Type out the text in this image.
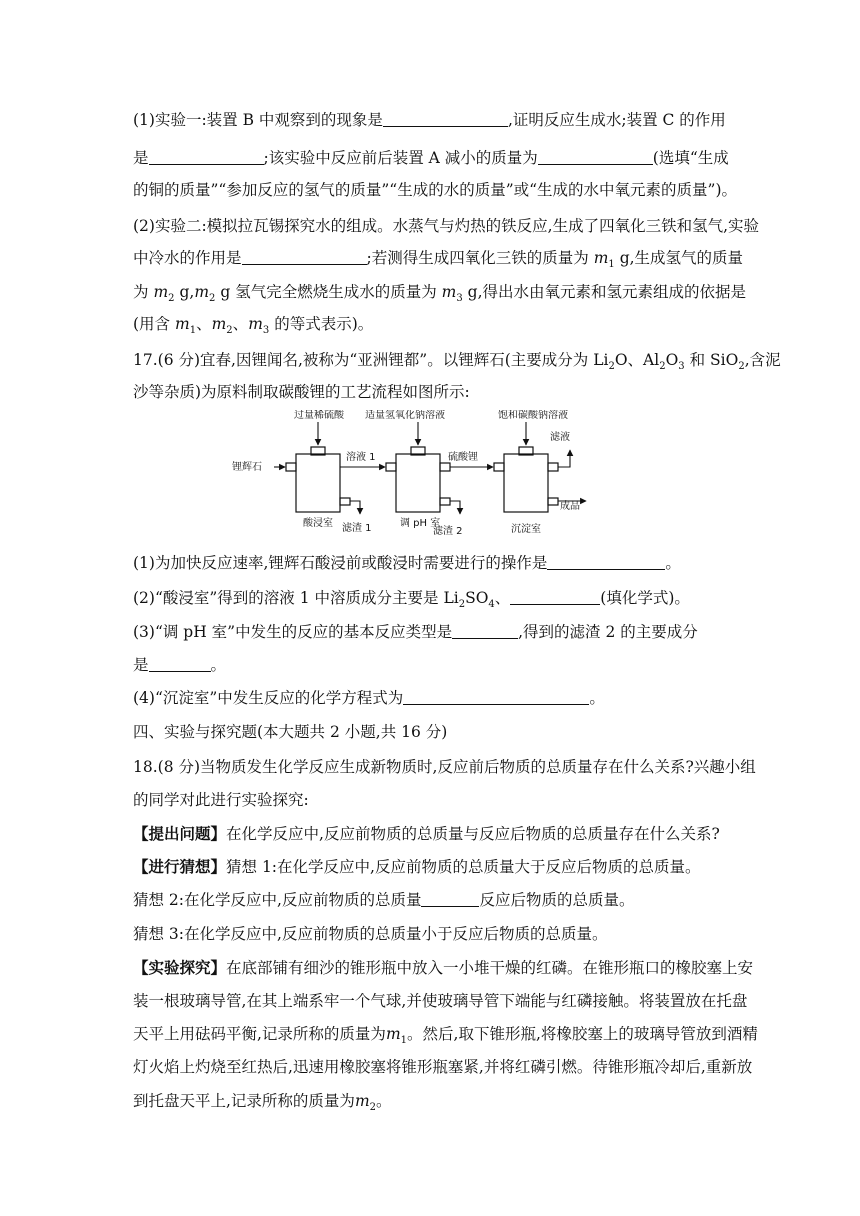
(1)实验一:装置 B 中观察到的现象是	,证明反应生成水;装置 C 的作用
是	;该实验中反应前后装置 A 减小的质量为	(选填“生成
的铜的质量”“参加反应的氢气的质量”“生成的水的质量”或“生成的水中氧元素的质量”)。
(2)实验二:模拟拉瓦锡探究水的组成。水蒸气与灼热的铁反应,生成了四氧化三铁和氢气,实验
中冷水的作用是	;若测得生成四氧化三铁的质量为 $m_1$ g,生成氢气的质量
为 $m_2$ $g,m_2$ g 氢气完全燃烧生成水的质量为 $m_3$ g,得出水由氧元素和氢元素组成的依据是
(用含 $m_1$、$m_2$、$m_3$ 的等式表示)。
17.(6 分)宜春,因锂闻名,被称为“亚洲锂都”。以锂辉石(主要成分为 $Li_2O$、$Al_2O_3$ 和 SiO$_2$,含泥
沙等杂质)为原料制取碳酸锂的工艺流程如图所示:
过量稀硫酸 适量氢氧化钠溶液	饱和碳酸钠溶液
锂辉石
溶液 1	硫酸锂
滤液
成品
酸浸室 滤渣 1	调 pH 室
滤渣 2	沉淀室
(1)为加快反应速率,锂辉石酸浸前或酸浸时需要进行的操作是	。
(2)“酸浸室”得到的溶液 1 中溶质成分主要是 $Li_2SO_4$、	(填化学式)。
(3)“调 pH 室”中发生的反应的基本反应类型是	,得到的滤渣 2 的主要成分
是	。
(4)“沉淀室”中发生反应的化学方程式为	。
四、实验与探究题(本大题共 2 小题,共 16 分)
18.(8 分)当物质发生化学反应生成新物质时,反应前后物质的总质量存在什么关系?兴趣小组
的同学对此进行实验探究:
【提出问题】在化学反应中,反应前物质的总质量与反应后物质的总质量存在什么关系?
【进行猜想】猜想 1:在化学反应中,反应前物质的总质量大于反应后物质的总质量。
猜想 2:在化学反应中,反应前物质的总质量	反应后物质的总质量。
猜想 3:在化学反应中,反应前物质的总质量小于反应后物质的总质量。
【实验探究】在底部铺有细沙的锥形瓶中放入一小堆干燥的红磷。在锥形瓶口的橡胶塞上安
装一根玻璃导管,在其上端系牢一个气球,并使玻璃导管下端能与红磷接触。将装置放在托盘
天平上用砝码平衡,记录所称的质量为$m_1$。然后,取下锥形瓶,将橡胶塞上的玻璃导管放到酒精
灯火焰上灼烧至红热后,迅速用橡胶塞将锥形瓶塞紧,并将红磷引燃。待锥形瓶冷却后,重新放
到托盘天平上,记录所称的质量为$m_2$。
